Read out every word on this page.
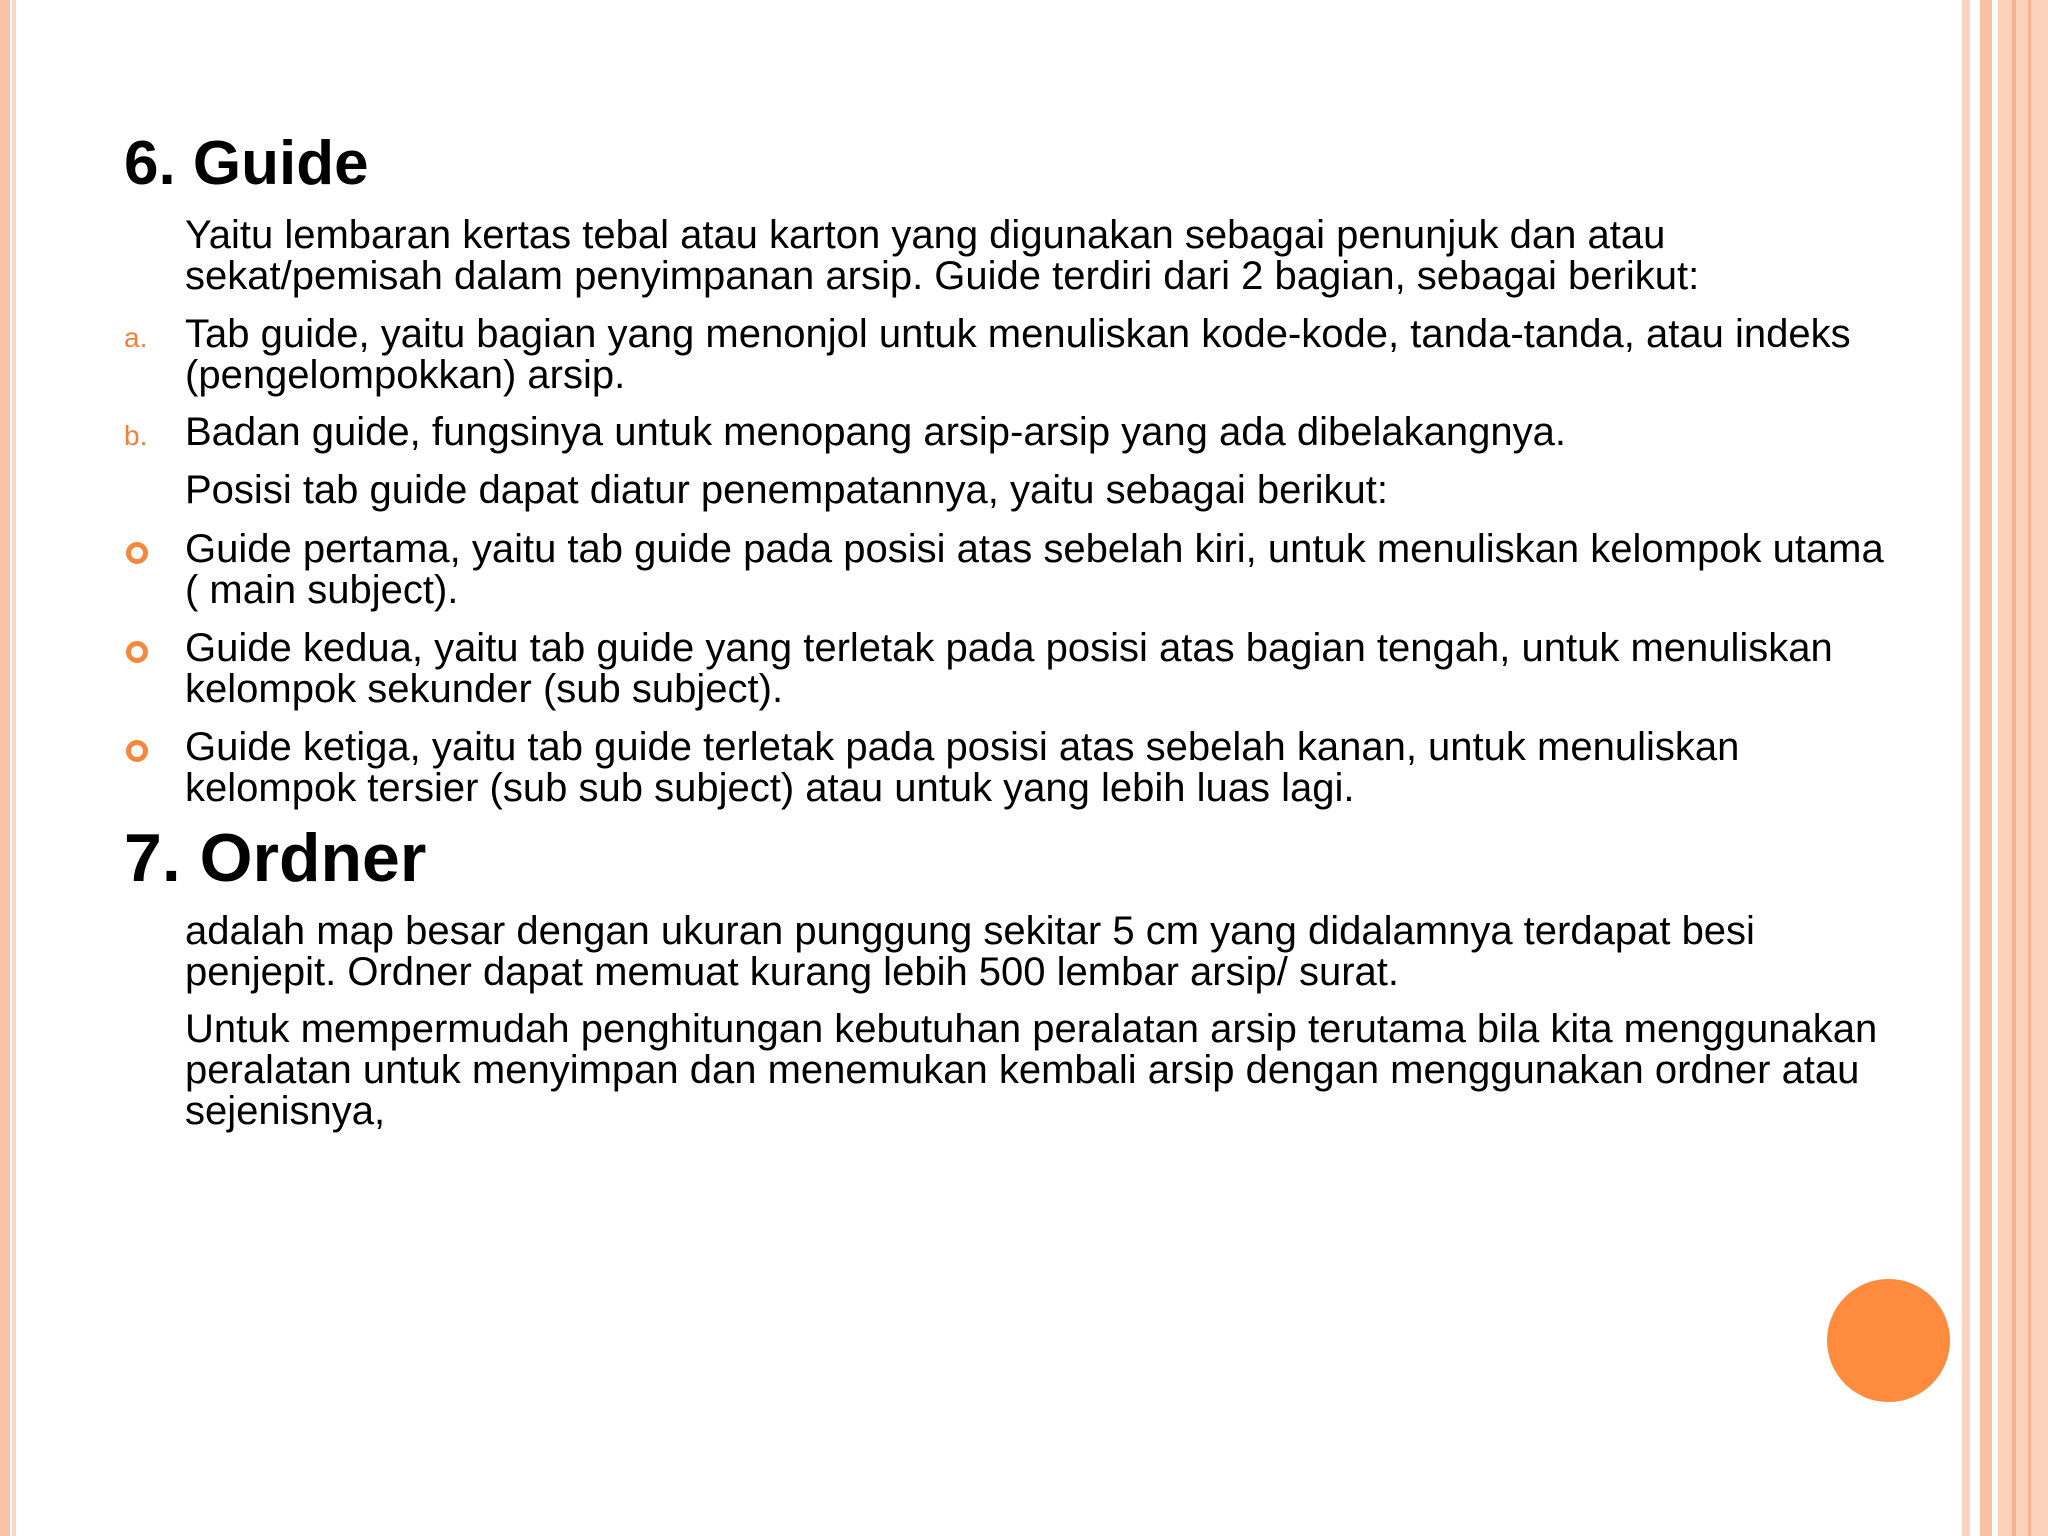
6. Guide

Yaitu lembaran kertas tebal atau karton yang digunakan sebagai penunjuk dan atau sekat/pemisah dalam penyimpanan arsip. Guide terdiri dari 2 bagian, sebagai berikut:

a. Tab guide, yaitu bagian yang menonjol untuk menuliskan kode-kode, tanda-tanda, atau indeks (pengelompokkan) arsip.

b. Badan guide, fungsinya untuk menopang arsip-arsip yang ada dibelakangnya.

Posisi tab guide dapat diatur penempatannya, yaitu sebagai berikut:

Guide pertama, yaitu tab guide pada posisi atas sebelah kiri, untuk menuliskan kelompok utama ( main subject).

Guide kedua, yaitu tab guide yang terletak pada posisi atas bagian tengah, untuk menuliskan kelompok sekunder (sub subject).

Guide ketiga, yaitu tab guide terletak pada posisi atas sebelah kanan, untuk menuliskan kelompok tersier (sub sub subject) atau untuk yang lebih luas lagi.

7. Ordner

adalah map besar dengan ukuran punggung sekitar 5 cm yang didalamnya terdapat besi penjepit. Ordner dapat memuat kurang lebih 500 lembar arsip/ surat.

Untuk mempermudah penghitungan kebutuhan peralatan arsip terutama bila kita menggunakan peralatan untuk menyimpan dan menemukan kembali arsip dengan menggunakan ordner atau sejenisnya,
